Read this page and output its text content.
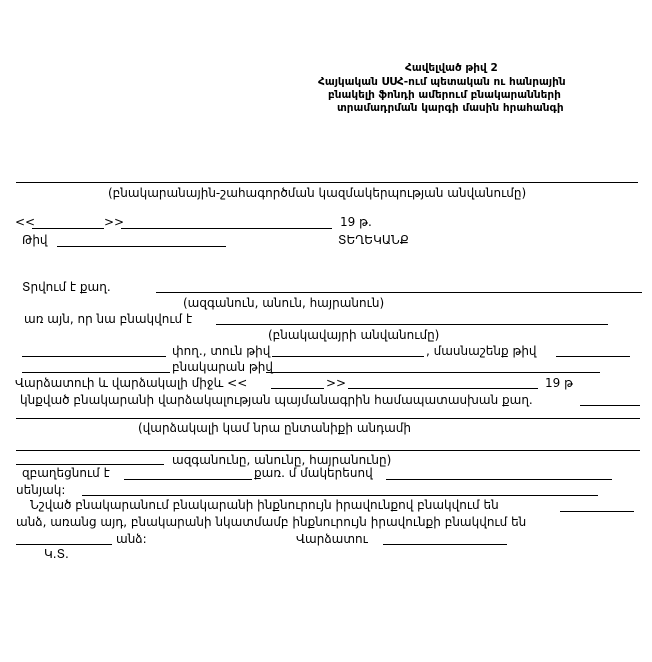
Հավելված թիվ 2
Հայկական ՍՍՀ-ում պետական ու հանրային
բնակելի ֆոնդի ամերում բնակարանների
տրամադրման կարգի մասին հրահանգի
(բնակարանային-շահագործման կազմակերպության անվանումը)
<<	>>	19 թ.
Թիվ	ՏԵՂԵԿԱՆՔ
Տրվում է քաղ.
(ազգանուն, անուն, հայրանուն)
առ այն, որ նա բնակվում է
(բնակավայրի անվանումը)
փող., տուն թիվ	, մասնաշենք թիվ
բնակարան թիվ
Վարձատուի և վարձակալի միջև <<	>>	19 թ
կնքված բնակարանի վարձակալության պայմանագրին համապատասխան քաղ.
(վարձակալի կամ նրա ընտանիքի անդամի
ազգանունը, անունը, հայրանունը)
զբաղեցնում է	քառ. մ մակերեսով
սենյակ:
Նշված բնակարանում բնակարանի ինքնուրույն իրավունքով բնակվում են
անձ, առանց այդ, բնակարանի նկատմամբ ինքնուրույն իրավունքի բնակվում են
անձ:	Վարձատու
Կ.Տ.
